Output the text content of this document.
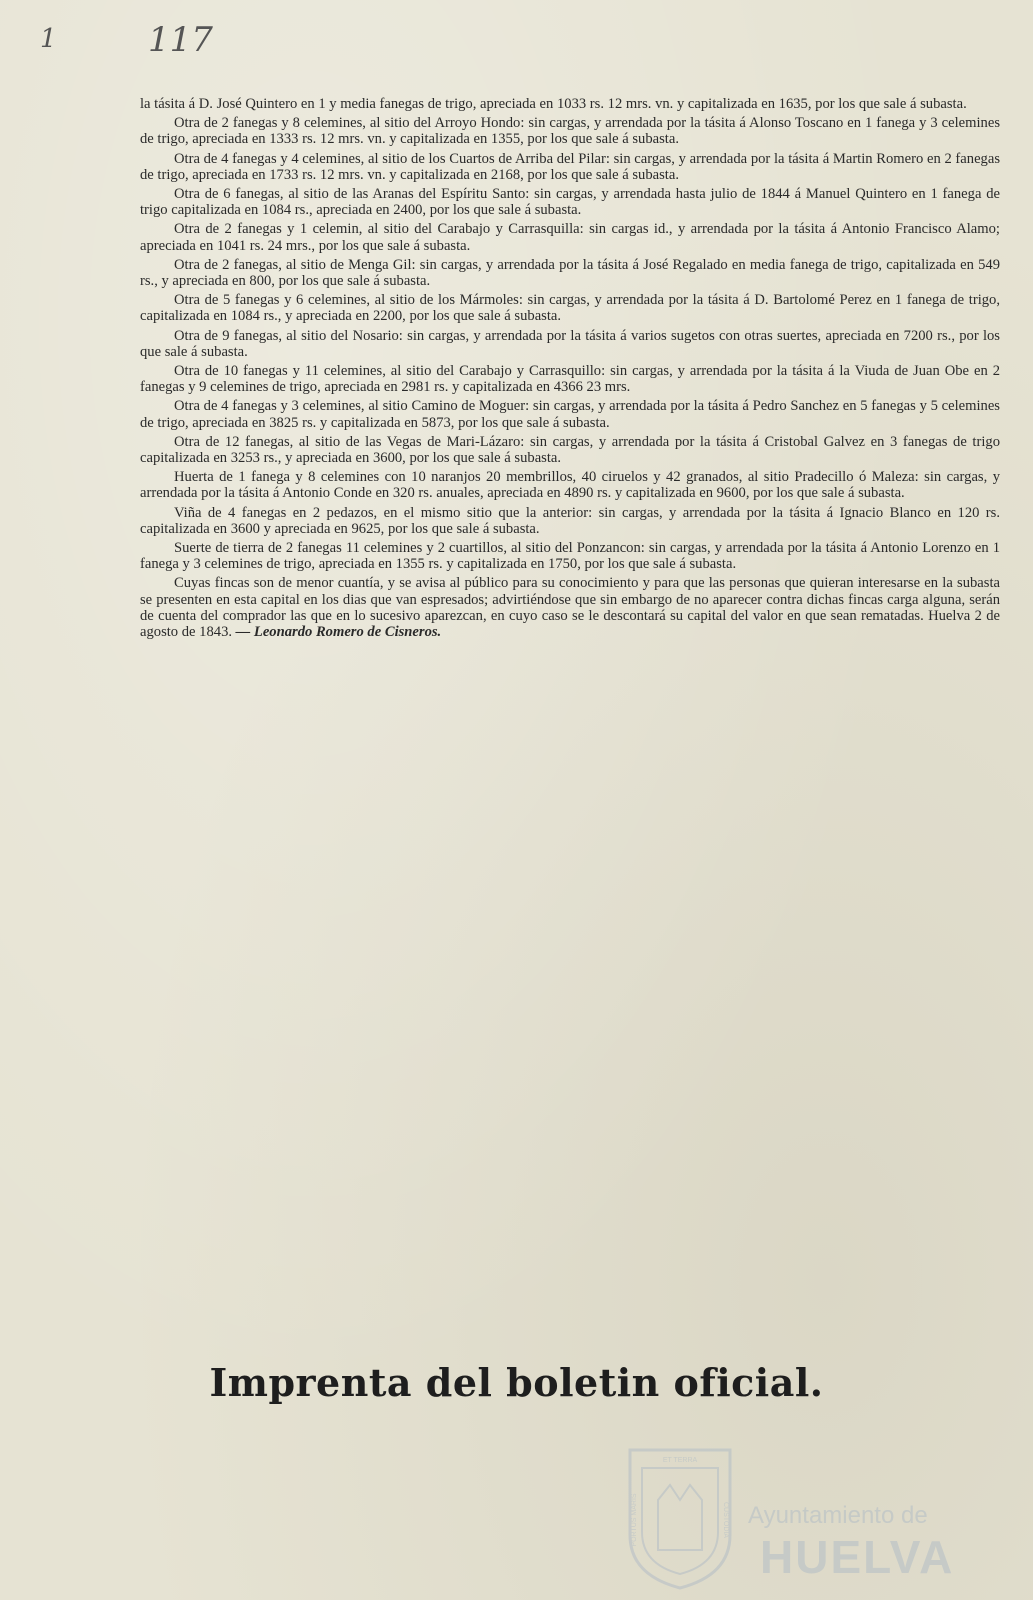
1	117

la tásita á D. José Quintero en 1 y media fanegas de trigo, apreciada en 1033 rs. 12 mrs. vn. y capitalizada en 1635, por los que sale á subasta.

Otra de 2 fanegas y 8 celemines, al sitio del Arroyo Hondo: sin cargas, y arrendada por la tásita á Alonso Toscano en 1 fanega y 3 celemines de trigo, apreciada en 1333 rs. 12 mrs. vn. y capitalizada en 1355, por los que sale á subasta.

Otra de 4 fanegas y 4 celemines, al sitio de los Cuartos de Arriba del Pilar: sin cargas, y arrendada por la tásita á Martin Romero en 2 fanegas de trigo, apreciada en 1733 rs. 12 mrs. vn. y capitalizada en 2168, por los que sale á subasta.

Otra de 6 fanegas, al sitio de las Aranas del Espíritu Santo: sin cargas, y arrendada hasta julio de 1844 á Manuel Quintero en 1 fanega de trigo capitalizada en 1084 rs., apreciada en 2400, por los que sale á subasta.

Otra de 2 fanegas y 1 celemin, al sitio del Carabajo y Carrasquilla: sin cargas id., y arrendada por la tásita á Antonio Francisco Alamo; apreciada en 1041 rs. 24 mrs., por los que sale á subasta.

Otra de 2 fanegas, al sitio de Menga Gil: sin cargas, y arrendada por la tásita á José Regalado en media fanega de trigo, capitalizada en 549 rs., y apreciada en 800, por los que sale á subasta.

Otra de 5 fanegas y 6 celemines, al sitio de los Mármoles: sin cargas, y arrendada por la tásita á D. Bartolomé Perez en 1 fanega de trigo, capitalizada en 1084 rs., y apreciada en 2200, por los que sale á subasta.

Otra de 9 fanegas, al sitio del Nosario: sin cargas, y arrendada por la tásita á varios sugetos con otras suertes, apreciada en 7200 rs., por los que sale á subasta.

Otra de 10 fanegas y 11 celemines, al sitio del Carabajo y Carrasquillo: sin cargas, y arrendada por la tásita á la Viuda de Juan Obe en 2 fanegas y 9 celemines de trigo, apreciada en 2981 rs. y capitalizada en 4366 23 mrs.

Otra de 4 fanegas y 3 celemines, al sitio Camino de Moguer: sin cargas, y arrendada por la tásita á Pedro Sanchez en 5 fanegas y 5 celemines de trigo, apreciada en 3825 rs. y capitalizada en 5873, por los que sale á subasta.

Otra de 12 fanegas, al sitio de las Vegas de Mari-Lázaro: sin cargas, y arrendada por la tásita á Cristobal Galvez en 3 fanegas de trigo capitalizada en 3253 rs., y apreciada en 3600, por los que sale á subasta.

Huerta de 1 fanega y 8 celemines con 10 naranjos 20 membrillos, 40 ciruelos y 42 granados, al sitio Pradecillo ó Maleza: sin cargas, y arrendada por la tásita á Antonio Conde en 320 rs. anuales, apreciada en 4890 rs. y capitalizada en 9600, por los que sale á subasta.

Viña de 4 fanegas en 2 pedazos, en el mismo sitio que la anterior: sin cargas, y arrendada por la tásita á Ignacio Blanco en 120 rs. capitalizada en 3600 y apreciada en 9625, por los que sale á subasta.

Suerte de tierra de 2 fanegas 11 celemines y 2 cuartillos, al sitio del Ponzancon: sin cargas, y arrendada por la tásita á Antonio Lorenzo en 1 fanega y 3 celemines de trigo, apreciada en 1355 rs. y capitalizada en 1750, por los que sale á subasta.

Cuyas fincas son de menor cuantía, y se avisa al público para su conocimiento y para que las personas que quieran interesarse en la subasta se presenten en esta capital en los dias que van espresados; advirtiéndose que sin embargo de no aparecer contra dichas fincas carga alguna, serán de cuenta del comprador las que en lo sucesivo aparezcan, en cuyo caso se le descontará su capital del valor en que sean rematadas. Huelva 2 de agosto de 1843. — Leonardo Romero de Cisneros.

Imprenta del boletin oficial.
ET TERRA
PORTUS MARIS	CUSTODIA Ayuntamiento de
HUELVA
